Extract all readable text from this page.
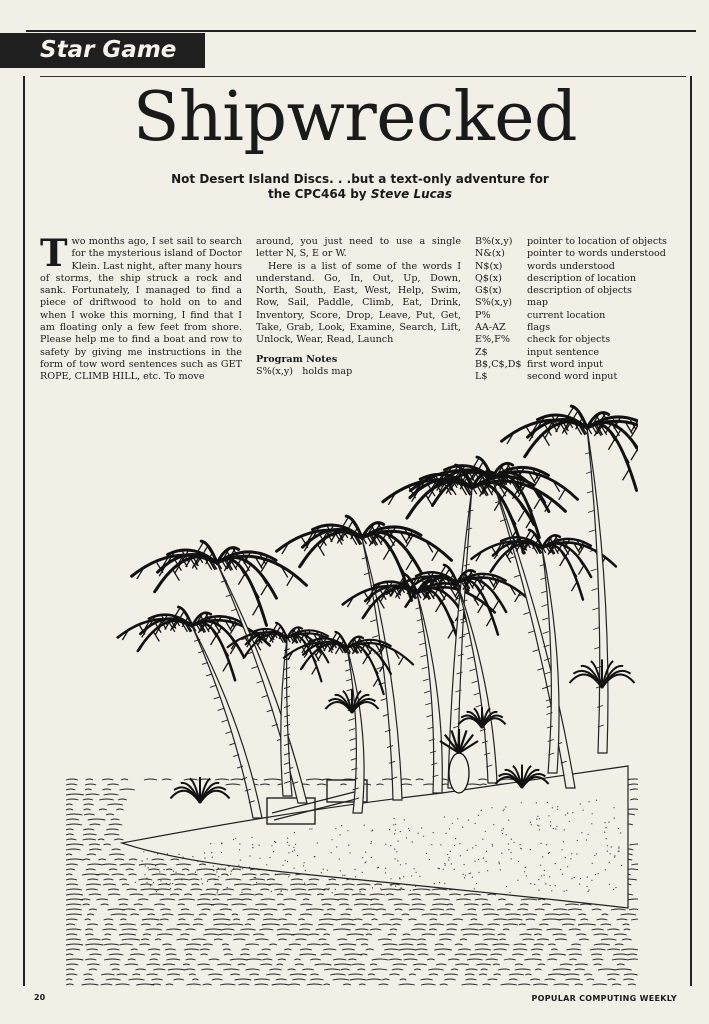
Star Game
Shipwrecked
Not Desert Island Discs. . .but a text-only adventure for
the CPC464 by Steve Lucas
Two months ago, I set sail to search for the mysterious island of Doctor Klein. Last night, after many hours of storms, the ship struck a rock and sank. Fortunately, I managed to find a piece of driftwood to hold on to and when I woke this morning, I find that I am floating only a few feet from shore. Please help me to find a boat and row to safety by giving me instructions in the form of tow word sentences such as GET ROPE, CLIMB HILL, etc. To move

around, you just need to use a single letter N, S, E or W.

Here is a list of some of the words I understand. Go, In, Out, Up, Down, North, South, East, West, Help, Swim, Row, Sail, Paddle, Climb, Eat, Drink, Inventory, Score, Drop, Leave, Put, Get, Take, Grab, Look, Examine, Search, Lift, Unlock, Wear, Read, Launch

Program Notes

S%(x,y)   holds map

B%(x,y)	pointer to location of objects
N&(x)	pointer to words understood
N$(x)	words understood
Q$(x)	description of location
G$(x)	description of objects
S%(x,y)	map
P%	current location
AA-AZ	flags
E%,F%	check for objects
Z$	input sentence
B$,C$,D$ first word input
L$	second word input
20	POPULAR COMPUTING WEEKLY
